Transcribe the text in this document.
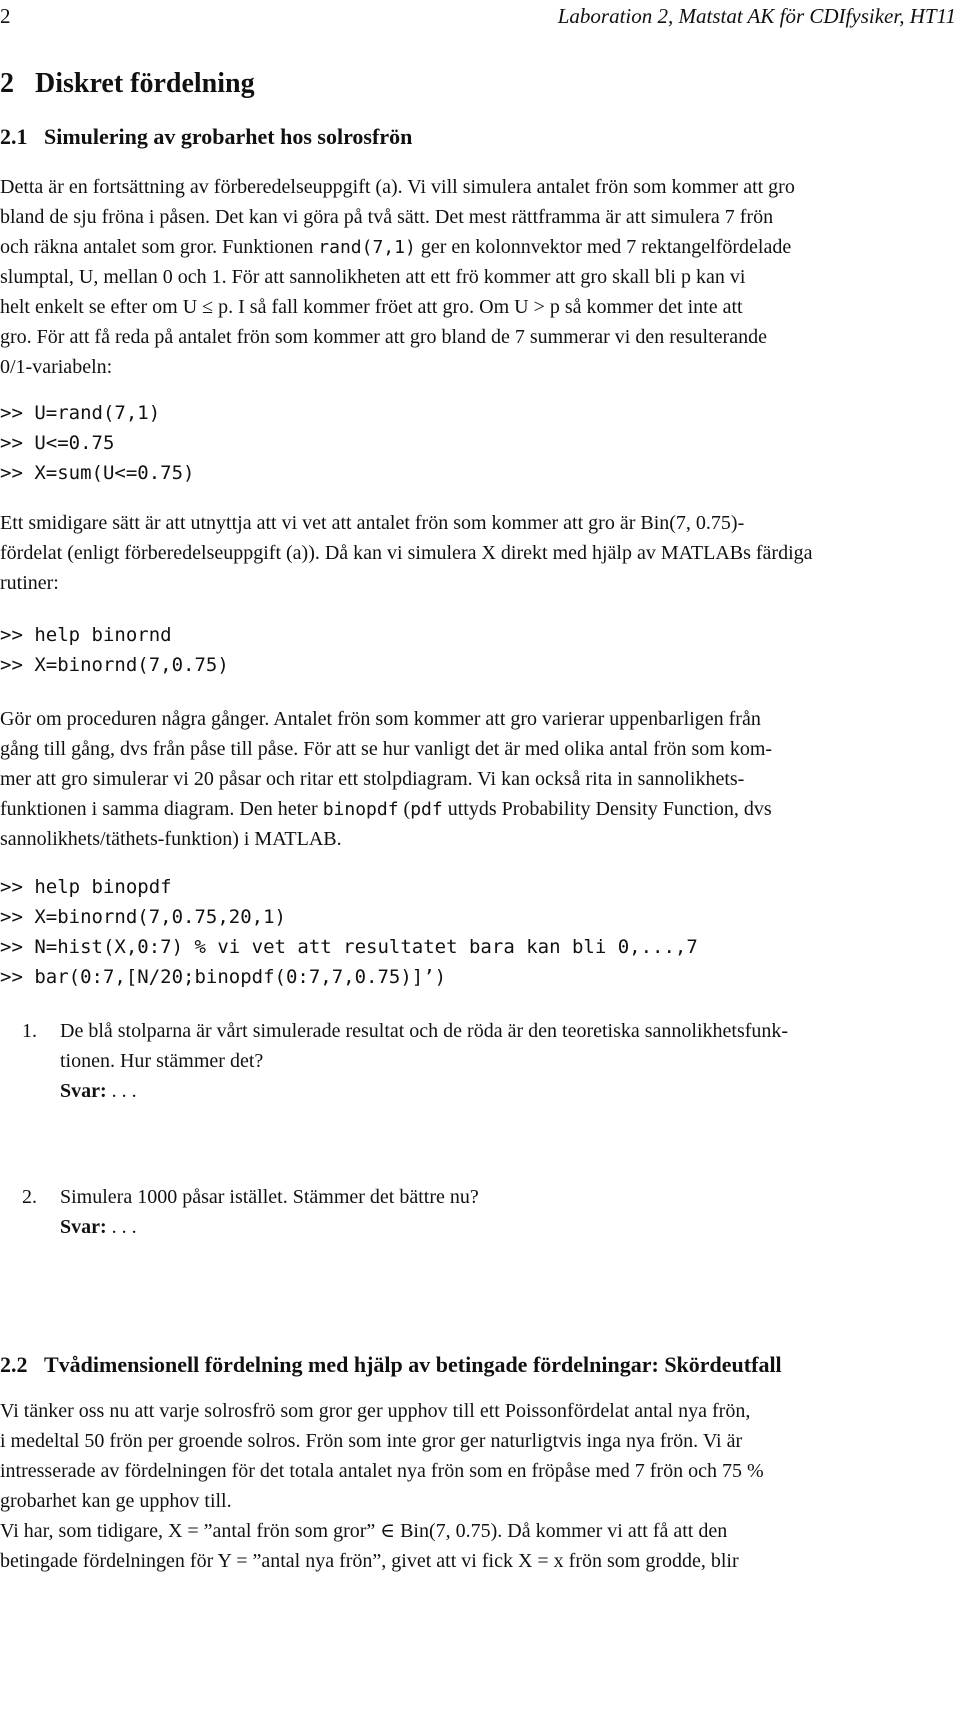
2	Laboration 2, Matstat AK för CDIfysiker, HT11
2 Diskret fördelning
2.1 Simulering av grobarhet hos solrosfrön
Detta är en fortsättning av förberedelseuppgift (a). Vi vill simulera antalet frön som kommer att gro
bland de sju fröna i påsen. Det kan vi göra på två sätt. Det mest rättframma är att simulera 7 frön
och räkna antalet som gror. Funktionen rand(7,1) ger en kolonnvektor med 7 rektangelfördelade
slumptal, U, mellan 0 och 1. För att sannolikheten att ett frö kommer att gro skall bli p kan vi
helt enkelt se efter om U ≤ p. I så fall kommer fröet att gro. Om U > p så kommer det inte att
gro. För att få reda på antalet frön som kommer att gro bland de 7 summerar vi den resulterande
0/1-variabeln:
>> U=rand(7,1)
>> U<=0.75
>> X=sum(U<=0.75)
Ett smidigare sätt är att utnyttja att vi vet att antalet frön som kommer att gro är Bin(7, 0.75)-
fördelat (enligt förberedelseuppgift (a)). Då kan vi simulera X direkt med hjälp av MATLABs färdiga
rutiner:
>> help binornd
>> X=binornd(7,0.75)
Gör om proceduren några gånger. Antalet frön som kommer att gro varierar uppenbarligen från
gång till gång, dvs från påse till påse. För att se hur vanligt det är med olika antal frön som kom-
mer att gro simulerar vi 20 påsar och ritar ett stolpdiagram. Vi kan också rita in sannolikhets-
funktionen i samma diagram. Den heter binopdf (pdf uttyds Probability Density Function, dvs
sannolikhets/täthets-funktion) i MATLAB.
>> help binopdf
>> X=binornd(7,0.75,20,1)
>> N=hist(X,0:7) % vi vet att resultatet bara kan bli 0,...,7
>> bar(0:7,[N/20;binopdf(0:7,7,0.75)]’)
1. De blå stolparna är vårt simulerade resultat och de röda är den teoretiska sannolikhetsfunk-
tionen. Hur stämmer det?
Svar: . . .
2. Simulera 1000 påsar istället. Stämmer det bättre nu?
Svar: . . .
2.2 Tvådimensionell fördelning med hjälp av betingade fördelningar: Skördeutfall
Vi tänker oss nu att varje solrosfrö som gror ger upphov till ett Poissonfördelat antal nya frön,
i medeltal 50 frön per groende solros. Frön som inte gror ger naturligtvis inga nya frön. Vi är
intresserade av fördelningen för det totala antalet nya frön som en fröpåse med 7 frön och 75 %
grobarhet kan ge upphov till.
Vi har, som tidigare, X = ”antal frön som gror” ∈ Bin(7, 0.75). Då kommer vi att få att den
betingade fördelningen för Y = ”antal nya frön”, givet att vi fick X = x frön som grodde, blir
